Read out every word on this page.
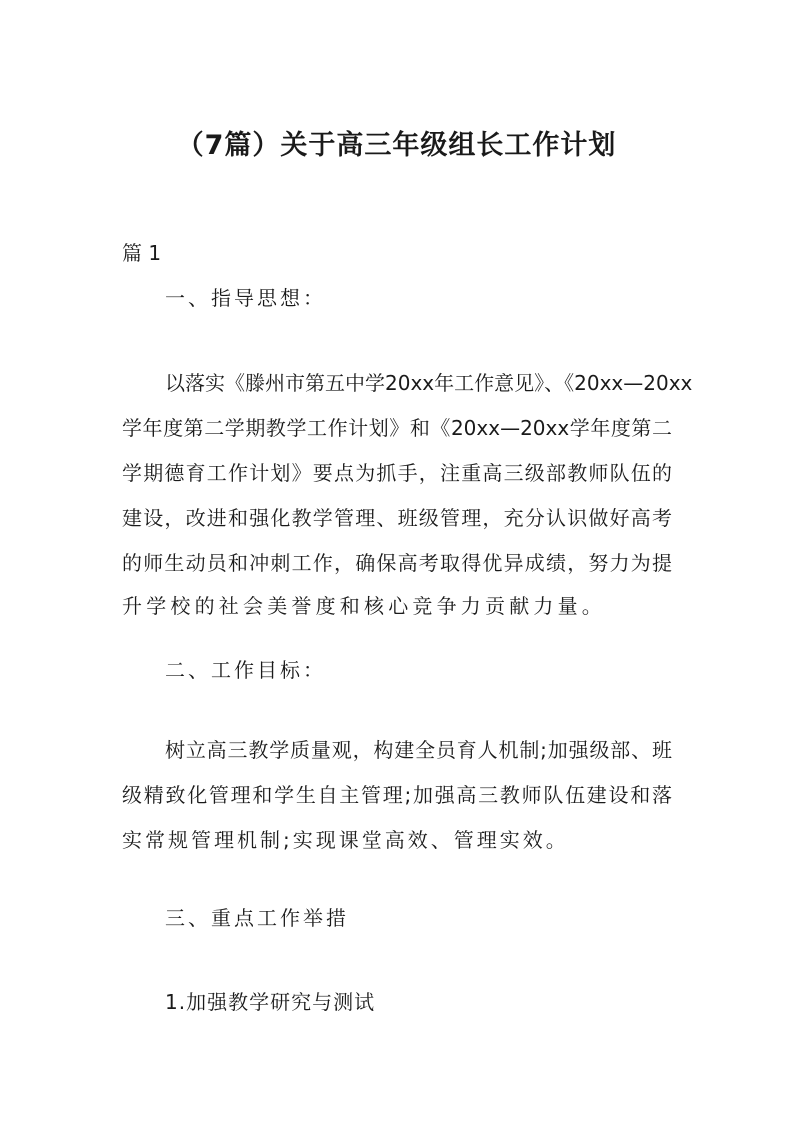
（7篇）关于高三年级组长工作计划
篇 1
一、指导思想：
以落实《滕州市第五中学20xx年工作意见》、《20xx—20xx
学年度第二学期教学工作计划》和《20xx—20xx学年度第二
学期德育工作计划》要点为抓手，注重高三级部教师队伍的
建设，改进和强化教学管理、班级管理，充分认识做好高考
的师生动员和冲刺工作，确保高考取得优异成绩，努力为提
升学校的社会美誉度和核心竞争力贡献力量。
二、工作目标：
树立高三教学质量观，构建全员育人机制;加强级部、班
级精致化管理和学生自主管理;加强高三教师队伍建设和落
实常规管理机制;实现课堂高效、管理实效。
三、重点工作举措
1.加强教学研究与测试
